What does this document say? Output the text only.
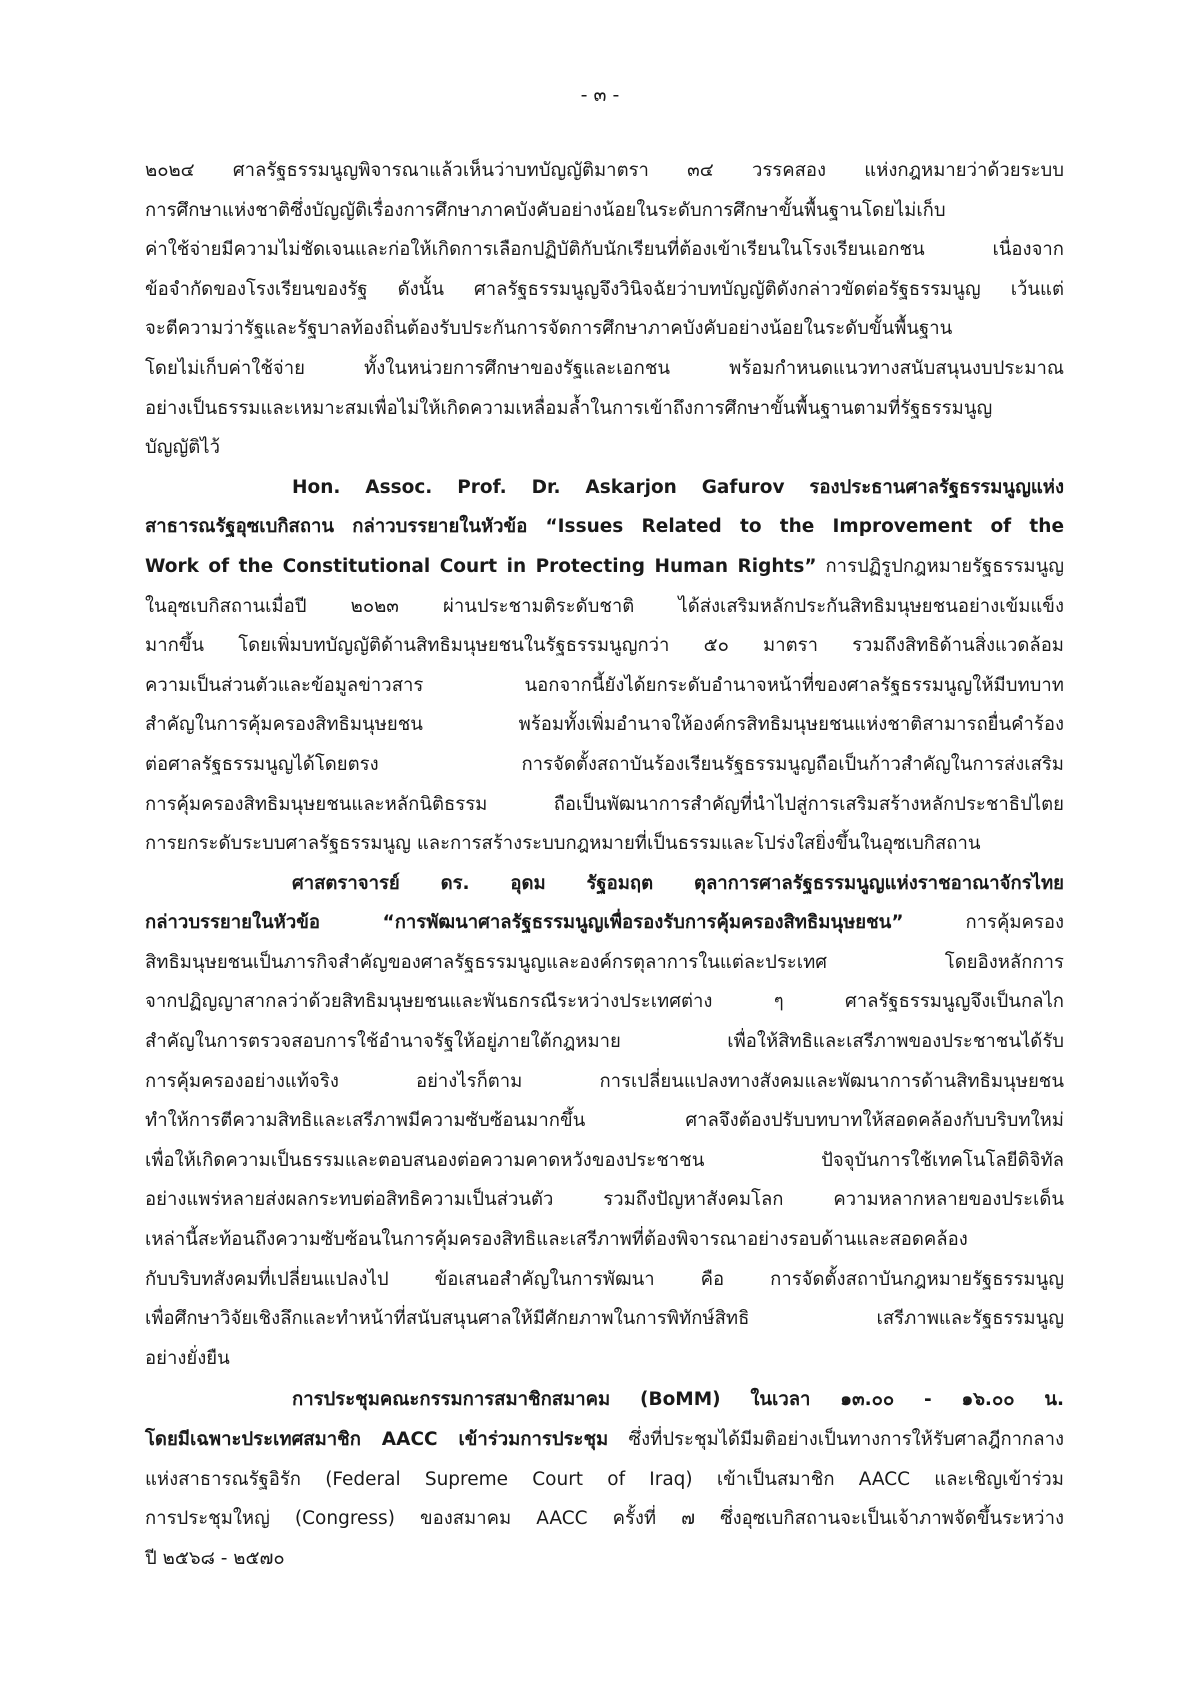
- ๓ -
๒๐๒๔ ศาลรัฐธรรมนูญพิจารณาแล้วเห็นว่าบทบัญญัติมาตรา ๓๔ วรรคสอง แห่งกฎหมายว่าด้วยระบบ
การศึกษาแห่งชาติซึ่งบัญญัติเรื่องการศึกษาภาคบังคับอย่างน้อยในระดับการศึกษาขั้นพื้นฐานโดยไม่เก็บ
ค่าใช้จ่ายมีความไม่ชัดเจนและก่อให้เกิดการเลือกปฏิบัติกับนักเรียนที่ต้องเข้าเรียนในโรงเรียนเอกชน เนื่องจาก
ข้อจำกัดของโรงเรียนของรัฐ ดังนั้น ศาลรัฐธรรมนูญจึงวินิจฉัยว่าบทบัญญัติดังกล่าวขัดต่อรัฐธรรมนูญ เว้นแต่
จะตีความว่ารัฐและรัฐบาลท้องถิ่นต้องรับประกันการจัดการศึกษาภาคบังคับอย่างน้อยในระดับขั้นพื้นฐาน
โดยไม่เก็บค่าใช้จ่าย ทั้งในหน่วยการศึกษาของรัฐและเอกชน พร้อมกำหนดแนวทางสนับสนุนงบประมาณ
อย่างเป็นธรรมและเหมาะสมเพื่อไม่ให้เกิดความเหลื่อมล้ำในการเข้าถึงการศึกษาขั้นพื้นฐานตามที่รัฐธรรมนูญ
บัญญัติไว้
Hon. Assoc. Prof. Dr. Askarjon Gafurov รองประธานศาลรัฐธรรมนูญแห่ง
สาธารณรัฐอุซเบกิสถาน กล่าวบรรยายในหัวข้อ “Issues Related to the Improvement of the
Work of the Constitutional Court in Protecting Human Rights” การปฏิรูปกฎหมายรัฐธรรมนูญ
ในอุซเบกิสถานเมื่อปี ๒๐๒๓ ผ่านประชามติระดับชาติ ได้ส่งเสริมหลักประกันสิทธิมนุษยชนอย่างเข้มแข็ง
มากขึ้น โดยเพิ่มบทบัญญัติด้านสิทธิมนุษยชนในรัฐธรรมนูญกว่า ๕๐ มาตรา รวมถึงสิทธิด้านสิ่งแวดล้อม
ความเป็นส่วนตัวและข้อมูลข่าวสาร นอกจากนี้ยังได้ยกระดับอำนาจหน้าที่ของศาลรัฐธรรมนูญให้มีบทบาท
สำคัญในการคุ้มครองสิทธิมนุษยชน พร้อมทั้งเพิ่มอำนาจให้องค์กรสิทธิมนุษยชนแห่งชาติสามารถยื่นคำร้อง
ต่อศาลรัฐธรรมนูญได้โดยตรง การจัดตั้งสถาบันร้องเรียนรัฐธรรมนูญถือเป็นก้าวสำคัญในการส่งเสริม
การคุ้มครองสิทธิมนุษยชนและหลักนิติธรรม ถือเป็นพัฒนาการสำคัญที่นำไปสู่การเสริมสร้างหลักประชาธิปไตย
การยกระดับระบบศาลรัฐธรรมนูญ และการสร้างระบบกฎหมายที่เป็นธรรมและโปร่งใสยิ่งขึ้นในอุซเบกิสถาน
ศาสตราจารย์ ดร. อุดม รัฐอมฤต ตุลาการศาลรัฐธรรมนูญแห่งราชอาณาจักรไทย
กล่าวบรรยายในหัวข้อ “การพัฒนาศาลรัฐธรรมนูญเพื่อรองรับการคุ้มครองสิทธิมนุษยชน” การคุ้มครอง
สิทธิมนุษยชนเป็นภารกิจสำคัญของศาลรัฐธรรมนูญและองค์กรตุลาการในแต่ละประเทศ โดยอิงหลักการ
จากปฏิญญาสากลว่าด้วยสิทธิมนุษยชนและพันธกรณีระหว่างประเทศต่าง ๆ ศาลรัฐธรรมนูญจึงเป็นกลไก
สำคัญในการตรวจสอบการใช้อำนาจรัฐให้อยู่ภายใต้กฎหมาย เพื่อให้สิทธิและเสรีภาพของประชาชนได้รับ
การคุ้มครองอย่างแท้จริง อย่างไรก็ตาม การเปลี่ยนแปลงทางสังคมและพัฒนาการด้านสิทธิมนุษยชน
ทำให้การตีความสิทธิและเสรีภาพมีความซับซ้อนมากขึ้น ศาลจึงต้องปรับบทบาทให้สอดคล้องกับบริบทใหม่
เพื่อให้เกิดความเป็นธรรมและตอบสนองต่อความคาดหวังของประชาชน ปัจจุบันการใช้เทคโนโลยีดิจิทัล
อย่างแพร่หลายส่งผลกระทบต่อสิทธิความเป็นส่วนตัว รวมถึงปัญหาสังคมโลก ความหลากหลายของประเด็น
เหล่านี้สะท้อนถึงความซับซ้อนในการคุ้มครองสิทธิและเสรีภาพที่ต้องพิจารณาอย่างรอบด้านและสอดคล้อง
กับบริบทสังคมที่เปลี่ยนแปลงไป ข้อเสนอสำคัญในการพัฒนา คือ การจัดตั้งสถาบันกฎหมายรัฐธรรมนูญ
เพื่อศึกษาวิจัยเชิงลึกและทำหน้าที่สนับสนุนศาลให้มีศักยภาพในการพิทักษ์สิทธิ เสรีภาพและรัฐธรรมนูญ
อย่างยั่งยืน
การประชุมคณะกรรมการสมาชิกสมาคม (BoMM) ในเวลา ๑๓.๐๐ - ๑๖.๐๐ น.
โดยมีเฉพาะประเทศสมาชิก AACC เข้าร่วมการประชุม ซึ่งที่ประชุมได้มีมติอย่างเป็นทางการให้รับศาลฎีกากลาง
แห่งสาธารณรัฐอิรัก (Federal Supreme Court of Iraq) เข้าเป็นสมาชิก AACC และเชิญเข้าร่วม
การประชุมใหญ่ (Congress) ของสมาคม AACC ครั้งที่ ๗ ซึ่งอุซเบกิสถานจะเป็นเจ้าภาพจัดขึ้นระหว่าง
ปี ๒๕๖๘ - ๒๕๗๐
